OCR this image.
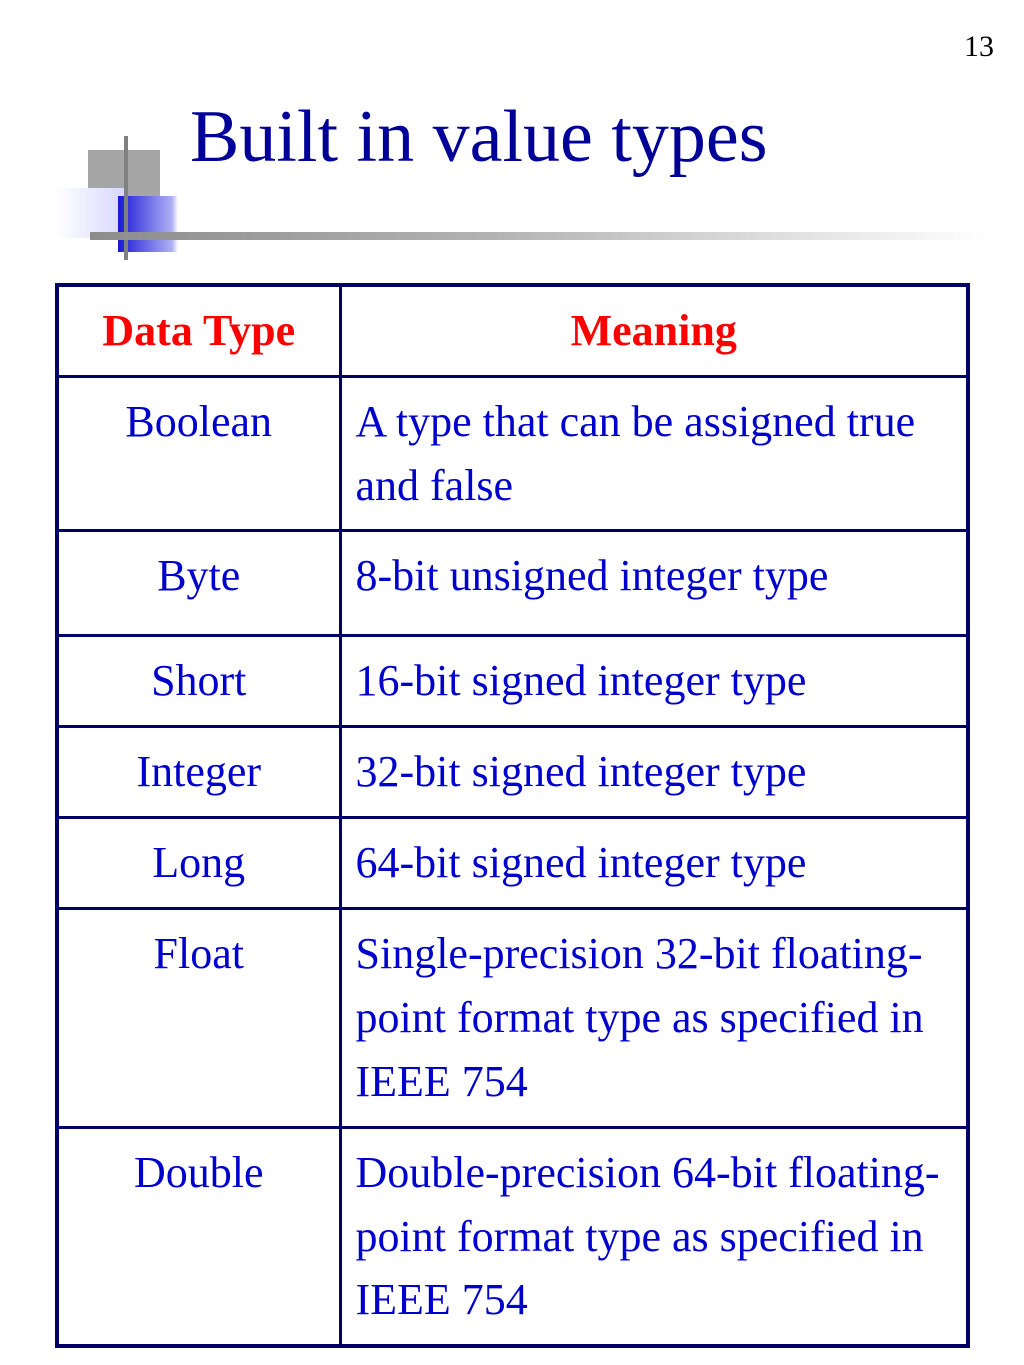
13
Built in value types
Data Type	Meaning
Boolean	A type that can be assigned true and false
Byte	8-bit unsigned integer type
Short	16-bit signed integer type
Integer	32-bit signed integer type
Long	64-bit signed integer type
Float	Single-precision 32-bit floating-point format type as specified in IEEE 754
Double	Double-precision 64-bit floating-point format type as specified in IEEE 754
